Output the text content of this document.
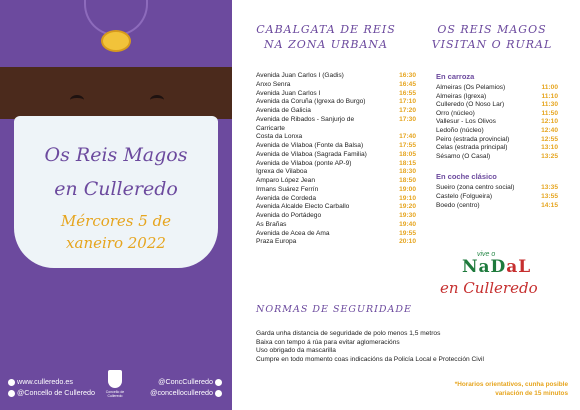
Os Reis Magos
en Culleredo
Mércores 5 de
xaneiro 2022
www.culleredo.es
@Concello de Culleredo	Concello de Culleredo
@ConcCulleredo
@concelloculleredo
CABALGATA DE REIS
NA ZONA URBANA
OS REIS MAGOS
VISITAN O RURAL
Avenida Juan Carlos I (Gadis)	16:30
Anxo Senra	16:45
Avenida Juan Carlos I	16:55
Avenida da Coruña (Igrexa do Burgo)	17:10
Avenida de Galicia	17:20
Avenida de Ribados - Sanjurjo de Carricarte
17:30
Costa da Lonxa	17:40
Avenida de Vilaboa (Fonte da Balsa)	17:55
Avenida de Vilaboa (Sagrada Familia)	18:05
Avenida de Vilaboa (ponte AP-9)	18:15
Igrexa de Vilaboa	18:30
Amparo López Jean	18:50
Irmans Suárez Ferrín	19:00
Avenida de Cordeda	19:10
Avenida Alcalde Electo Carballo	19:20
Avenida do Portádego	19:30
As Brañas	19:40
Avenida de Acea de Ama	19:55
Praza Europa	20:10
En carroza
Almeiras (Os Pelamios)	11:00
Almeiras (Igrexa)	11:10
Culleredo (O Noso Lar)	11:30
Orro (núcleo)	11:50
Vallesur - Los Olivos	12:10
Ledoño (núcleo)	12:40
Peiro (estrada provincial)	12:55
Celas (estrada principal)	13:10
Sésamo (O Casal)	13:25
En coche clásico
Sueiro (zona centro social)	13:35
Castelo (Folgueira)	13:55
Boedo (centro)	14:15
vive o
NaDaL
en Culleredo
NORMAS DE SEGURIDADE
Garda unha distancia de seguridade de polo menos 1,5 metros
Baixa con tempo á rúa para evitar aglomeracións
Uso obrigado da mascarilla
Cumpre en todo momento coas indicacións da Policía Local e Protección Civil
*Horarios orientativos, cunha posible
variación de 15 minutos
